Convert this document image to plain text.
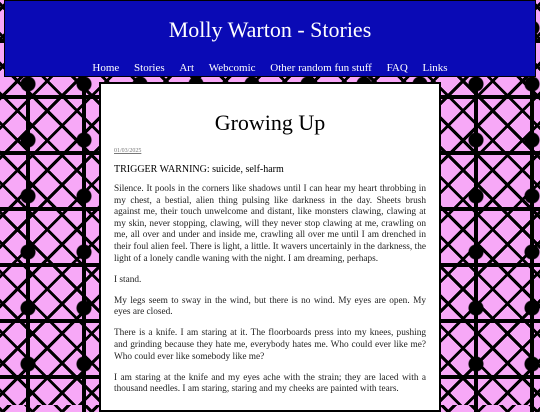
Molly Warton - Stories
Home Stories Art Webcomic Other random fun stuff FAQ Links
Growing Up
01/03/2025
TRIGGER WARNING: suicide, self-harm

Silence. It pools in the corners like shadows until I can hear my heart throbbing in my chest, a bestial, alien thing pulsing like darkness in the day. Sheets brush against me, their touch unwelcome and distant, like monsters clawing, clawing at my skin, never stopping, clawing, will they never stop clawing at me, crawling on me, all over and under and inside me, crawling all over me until I am drenched in their foul alien feel. There is light, a little. It wavers uncertainly in the darkness, the light of a lonely candle waning with the night. I am dreaming, perhaps.

I stand.

My legs seem to sway in the wind, but there is no wind. My eyes are open. My eyes are closed.

There is a knife. I am staring at it. The floorboards press into my knees, pushing and grinding because they hate me, everybody hates me. Who could ever like me? Who could ever like somebody like me?

I am staring at the knife and my eyes ache with the strain; they are laced with a thousand needles. I am staring, staring and my cheeks are painted with tears.
